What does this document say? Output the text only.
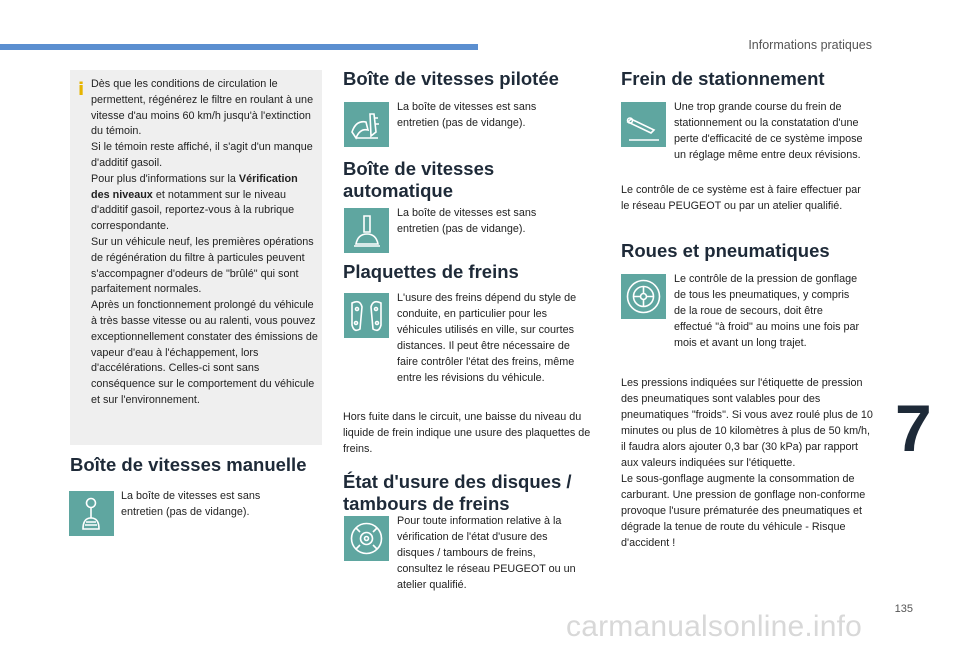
Informations pratiques
i Dès que les conditions de circulation le permettent, régénérez le filtre en roulant à une vitesse d'au moins 60 km/h jusqu'à l'extinction du témoin.

Si le témoin reste affiché, il s'agit d'un manque d'additif gasoil.

Pour plus d'informations sur la Vérification des niveaux et notamment sur le niveau d'additif gasoil, reportez-vous à la rubrique correspondante.

Sur un véhicule neuf, les premières opérations de régénération du filtre à particules peuvent s'accompagner d'odeurs de "brûlé" qui sont parfaitement normales.

Après un fonctionnement prolongé du véhicule à très basse vitesse ou au ralenti, vous pouvez exceptionnellement constater des émissions de vapeur d'eau à l'échappement, lors d'accélérations. Celles-ci sont sans conséquence sur le comportement du véhicule et sur l'environnement.

Boîte de vitesses manuelle
La boîte de vitesses est sans entretien (pas de vidange).
Boîte de vitesses pilotée
La boîte de vitesses est sans entretien (pas de vidange).
Boîte de vitesses
automatique
La boîte de vitesses est sans entretien (pas de vidange).
Plaquettes de freins
L'usure des freins dépend du style de conduite, en particulier pour les véhicules utilisés en ville, sur courtes distances. Il peut être nécessaire de faire contrôler l'état des freins, même entre les révisions du véhicule.
Hors fuite dans le circuit, une baisse du niveau du liquide de frein indique une usure des plaquettes de freins.
État d'usure des disques /
tambours de freins
Pour toute information relative à la vérification de l'état d'usure des disques / tambours de freins, consultez le réseau PEUGEOT ou un atelier qualifié.
Frein de stationnement
Une trop grande course du frein de stationnement ou la constatation d'une perte d'efficacité de ce système impose un réglage même entre deux révisions.
Le contrôle de ce système est à faire effectuer par le réseau PEUGEOT ou par un atelier qualifié.
Roues et pneumatiques
Le contrôle de la pression de gonflage de tous les pneumatiques, y compris de la roue de secours, doit être effectué "à froid" au moins une fois par mois et avant un long trajet.

Les pressions indiquées sur l'étiquette de pression des pneumatiques sont valables pour des pneumatiques "froids". Si vous avez roulé plus de 10 minutes ou plus de 10 kilomètres à plus de 50 km/h, il faudra alors ajouter 0,3 bar (30 kPa) par rapport aux valeurs indiquées sur l'étiquette.

Le sous-gonflage augmente la consommation de carburant. Une pression de gonflage non-conforme provoque l'usure prématurée des pneumatiques et dégrade la tenue de route du véhicule - Risque d'accident !

7
135
carmanualsonline.info
